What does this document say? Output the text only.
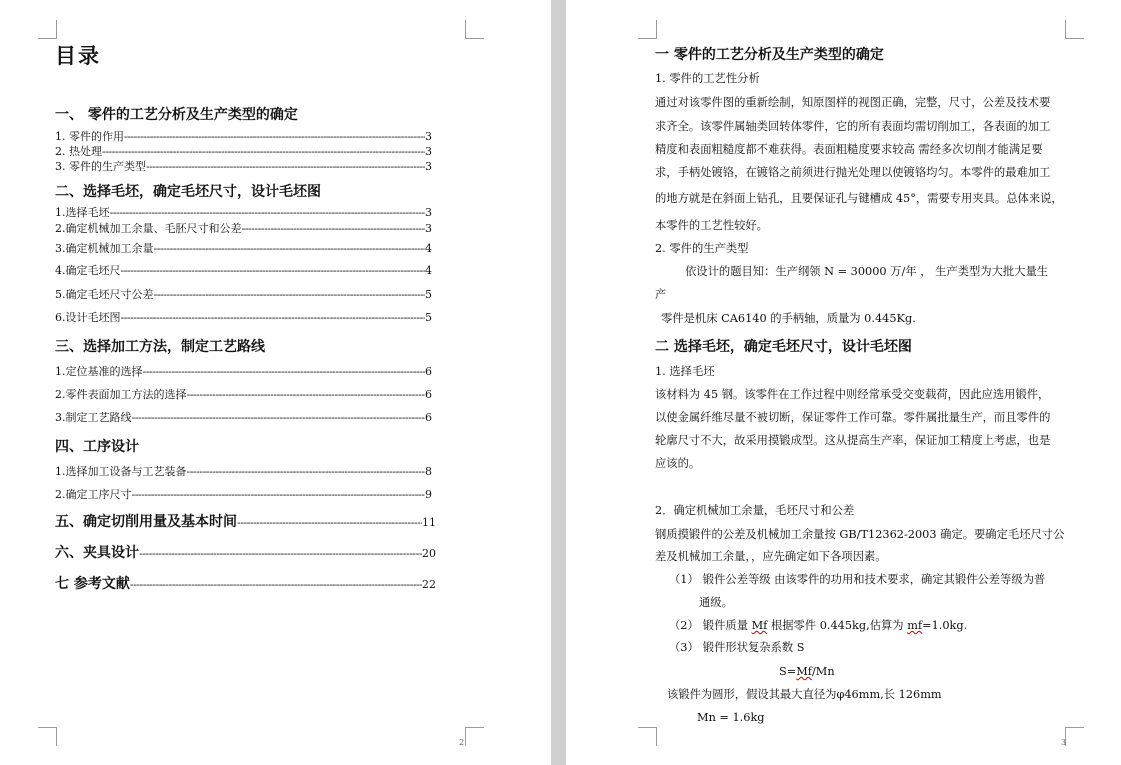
目录
一、 零件的工艺分析及生产类型的确定
1. 零件的作用 -----	3
2. 热处理 -----	3
3. 零件的生产类型 -----	3
二、选择毛坯，确定毛坯尺寸，设计毛坯图
1.选择毛坯 -----	3
2.确定机械加工余量、毛胚尺寸和公差 -----	3
3.确定机械加工余量 -----	4
4.确定毛坯尺 -----	4
5.确定毛坯尺寸公差 -----	5
6.设计毛坯图 -----	5
三、选择加工方法，制定工艺路线
1.定位基准的选择 -----	6
2.零件表面加工方法的选择 -----	6
3.制定工艺路线 -----	6
四、工序设计
1.选择加工设备与工艺装备 -----	8
2.确定工序尺寸 -----	9
五、确定切削用量及基本时间 -----	11
六、夹具设计 -----	20
七 参考文献 -----	22
2
一 零件的工艺分析及生产类型的确定
1. 零件的工艺性分析
通过对该零件图的重新绘制，知原图样的视图正确，完整，尺寸，公差及技术要
求齐全。该零件属轴类回转体零件，它的所有表面均需切削加工，各表面的加工
精度和表面粗糙度都不难获得。表面粗糙度要求较高 需经多次切削才能满足要
求，手柄处镀铬，在镀铬之前须进行抛光处理以使镀铬均匀。本零件的最难加工
的地方就是在斜面上钻孔，且要保证孔与键槽成 45°，需要专用夹具。总体来说，
本零件的工艺性较好。
2. 零件的生产类型
依设计的题目知：生产纲领 N = 30000 万/年 ， 生产类型为大批大量生
产
零件是机床 CA6140 的手柄轴，质量为 0.445Kg.
二 选择毛坯，确定毛坯尺寸，设计毛坯图
1. 选择毛坯
该材料为 45 钢。该零件在工作过程中则经常承受交变载荷，因此应选用锻件，
以使金属纤维尽量不被切断，保证零件工作可靠。零件属批量生产，而且零件的
轮廓尺寸不大，故采用摸锻成型。这从提高生产率，保证加工精度上考虑，也是
应该的。
2．确定机械加工余量，毛坯尺寸和公差
钢质摸锻件的公差及机械加工余量按 GB/T12362-2003 确定。要确定毛坯尺寸公
差及机械加工余量，，应先确定如下各项因素。
（1） 锻件公差等级 由该零件的功用和技术要求，确定其锻件公差等级为普
通级。
（2） 锻件质量 Mf 根据零件 0.445kg,估算为 mf=1.0kg.
（3） 锻件形状复杂系数 S
S=Mf/Mn
该锻件为圆形，假设其最大直径为φ46mm,长 126mm
Mn = 1.6kg
3
